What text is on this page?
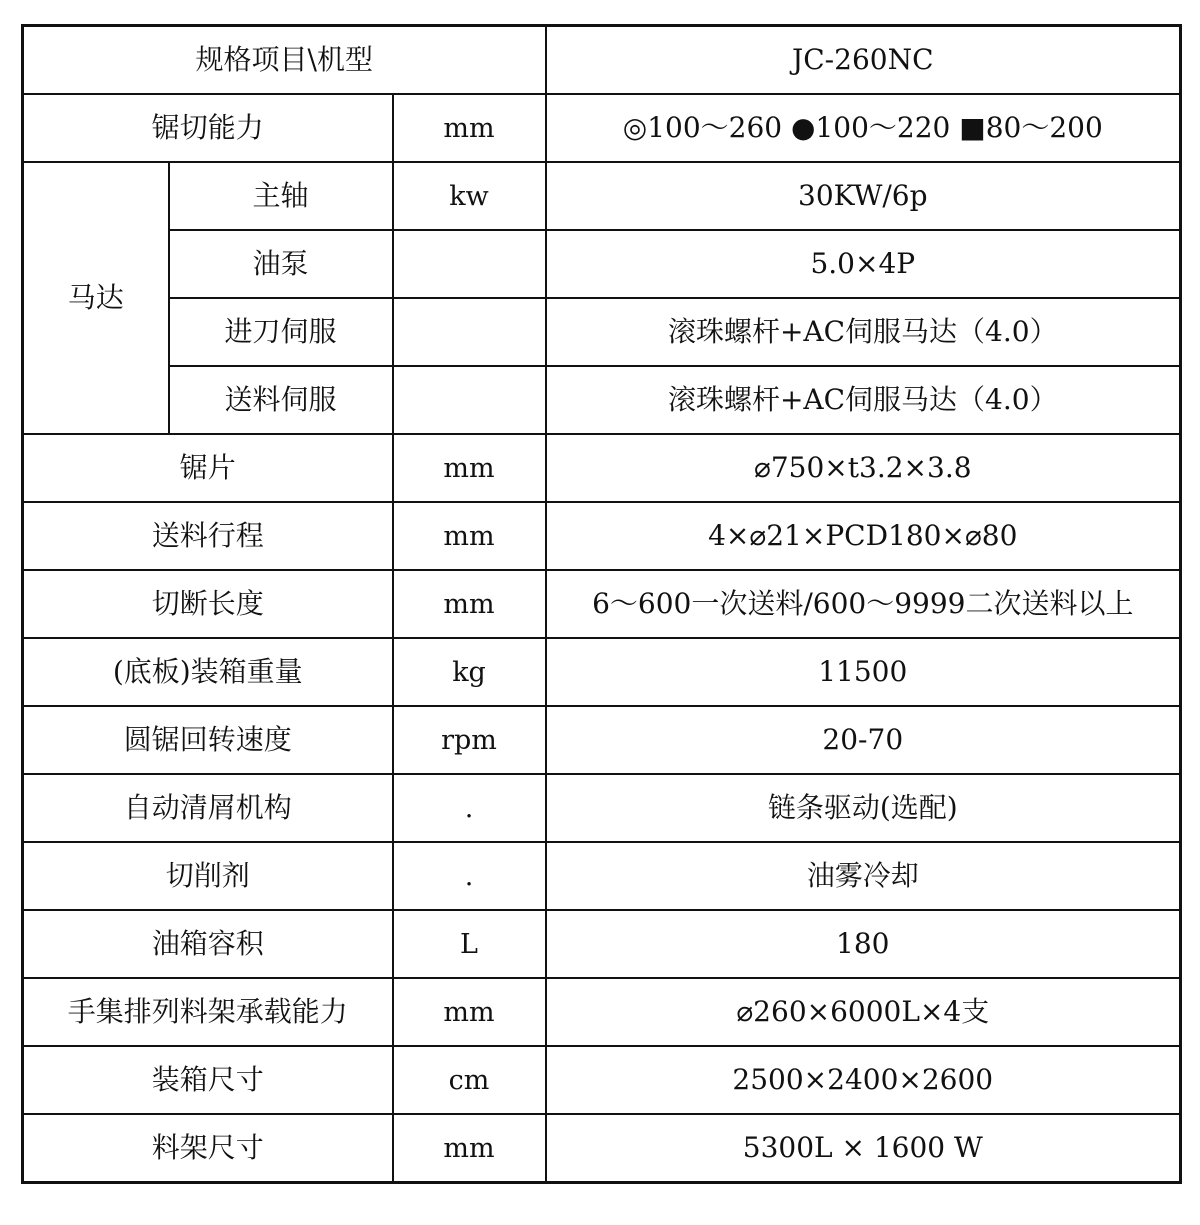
规格项目\机型			JC-260NC
锯切能力		mm	◎100～260 ●100～220 ■80～200
马达	主轴	kw	30KW/6p
	油泵		5.0×4P
	进刀伺服		滚珠螺杆+AC伺服马达（4.0）
	送料伺服		滚珠螺杆+AC伺服马达（4.0）
锯片		mm	⌀750×t3.2×3.8
送料行程		mm	4×⌀21×PCD180×⌀80
切断长度		mm	6～600一次送料/600～9999二次送料以上
(底板)装箱重量		kg	11500
圆锯回转速度		rpm	20-70
自动清屑机构		.	链条驱动(选配)
切削剂		.	油雾冷却
油箱容积		L	180
手集排列料架承载能力		mm	⌀260×6000L×4支
装箱尺寸		cm	2500×2400×2600
料架尺寸		mm	5300L × 1600 W
